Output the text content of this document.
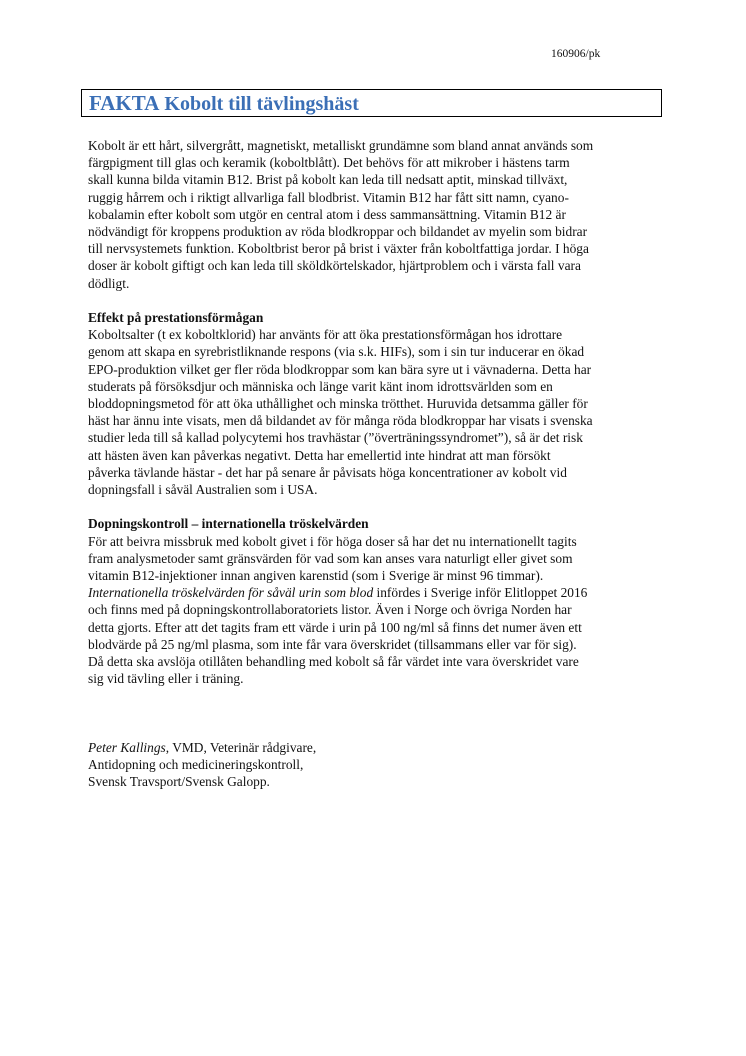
160906/pk
FAKTA Kobolt till tävlingshäst
Kobolt är ett hårt, silvergrått, magnetiskt, metalliskt grundämne som bland annat används som
färgpigment till glas och keramik (koboltblått). Det behövs för att mikrober i hästens tarm
skall kunna bilda vitamin B12. Brist på kobolt kan leda till nedsatt aptit, minskad tillväxt,
ruggig hårrem och i riktigt allvarliga fall blodbrist. Vitamin B12 har fått sitt namn, cyano-
kobalamin efter kobolt som utgör en central atom i dess sammansättning. Vitamin B12 är
nödvändigt för kroppens produktion av röda blodkroppar och bildandet av myelin som bidrar
till nervsystemets funktion. Koboltbrist beror på brist i växter från koboltfattiga jordar. I höga
doser är kobolt giftigt och kan leda till sköldkörtelskador, hjärtproblem och i värsta fall vara
dödligt.
Effekt på prestationsförmågan
Koboltsalter (t ex koboltklorid) har använts för att öka prestationsförmågan hos idrottare
genom att skapa en syrebristliknande respons (via s.k. HIFs), som i sin tur inducerar en ökad
EPO-produktion vilket ger fler röda blodkroppar som kan bära syre ut i vävnaderna. Detta har
studerats på försöksdjur och människa och länge varit känt inom idrottsvärlden som en
bloddopningsmetod för att öka uthållighet och minska trötthet. Huruvida detsamma gäller för
häst har ännu inte visats, men då bildandet av för många röda blodkroppar har visats i svenska
studier leda till så kallad polycytemi hos travhästar (”överträningssyndromet”), så är det risk
att hästen även kan påverkas negativt. Detta har emellertid inte hindrat att man försökt
påverka tävlande hästar - det har på senare år påvisats höga koncentrationer av kobolt vid
dopningsfall i såväl Australien som i USA.
Dopningskontroll – internationella tröskelvärden
För att beivra missbruk med kobolt givet i för höga doser så har det nu internationellt tagits
fram analysmetoder samt gränsvärden för vad som kan anses vara naturligt eller givet som
vitamin B12-injektioner innan angiven karenstid (som i Sverige är minst 96 timmar).
Internationella tröskelvärden för såväl urin som blod infördes i Sverige inför Elitloppet 2016
och finns med på dopningskontrollaboratoriets listor. Även i Norge och övriga Norden har
detta gjorts. Efter att det tagits fram ett värde i urin på 100 ng/ml så finns det numer även ett
blodvärde på 25 ng/ml plasma, som inte får vara överskridet (tillsammans eller var för sig).
Då detta ska avslöja otillåten behandling med kobolt så får värdet inte vara överskridet vare
sig vid tävling eller i träning.
Peter Kallings, VMD, Veterinär rådgivare,
Antidopning och medicineringskontroll,
Svensk Travsport/Svensk Galopp.
